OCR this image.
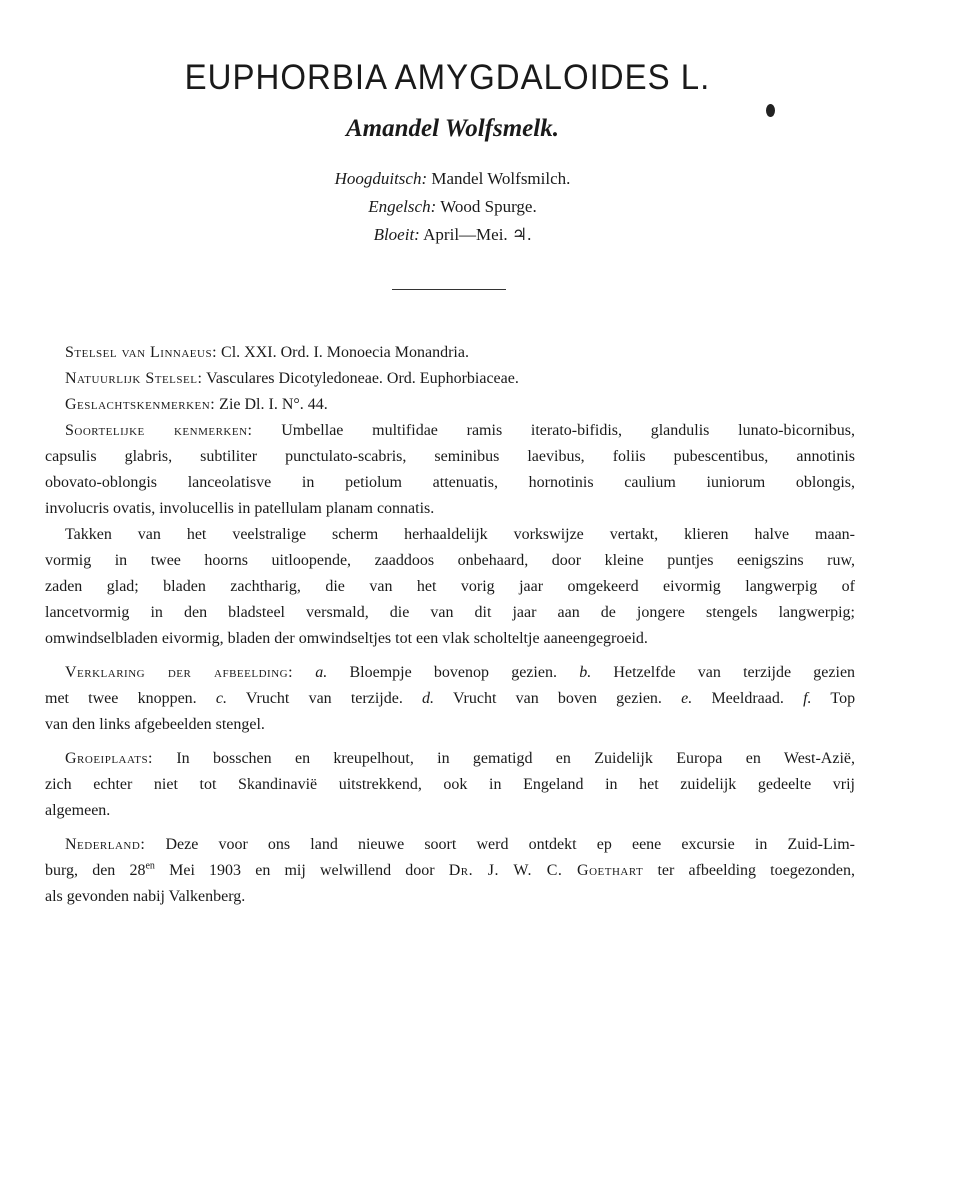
EUPHORBIA AMYGDALOIDES L.
Amandel Wolfsmelk.
Hoogduitsch: Mandel Wolfsmilch.
Engelsch: Wood Spurge.
Bloeit: April—Mei. ♃.
Stelsel van Linnaeus: Cl. XXI. Ord. I. Monoecia Monandria.
Natuurlijk Stelsel: Vasculares Dicotyledoneae. Ord. Euphorbiaceae.
Geslachtskenmerken: Zie Dl. I. N°. 44.
Soortelijke kenmerken: Umbellae multifidae ramis iterato-bifidis, glandulis lunato-bicornibus,
capsulis glabris, subtiliter punctulato-scabris, seminibus laevibus, foliis pubescentibus, annotinis
obovato-oblongis lanceolatisve in petiolum attenuatis, hornotinis caulium iuniorum oblongis,
involucris ovatis, involucellis in patellulam planam connatis.
Takken van het veelstralige scherm herhaaldelijk vorkswijze vertakt, klieren halve maan-
vormig in twee hoorns uitloopende, zaaddoos onbehaard, door kleine puntjes eenigszins ruw,
zaden glad; bladen zachtharig, die van het vorig jaar omgekeerd eivormig langwerpig of
lancetvormig in den bladsteel versmald, die van dit jaar aan de jongere stengels langwerpig;
omwindselbladen eivormig, bladen der omwindseltjes tot een vlak scholteltje aaneengegroeid.
Verklaring der afbeelding: a. Bloempje bovenop gezien. b. Hetzelfde van terzijde gezien
met twee knoppen. c. Vrucht van terzijde. d. Vrucht van boven gezien. e. Meeldraad. f. Top
van den links afgebeelden stengel.
Groeiplaats: In bosschen en kreupelhout, in gematigd en Zuidelijk Europa en West-Azië,
zich echter niet tot Skandinavië uitstrekkend, ook in Engeland in het zuidelijk gedeelte vrij
algemeen.
Nederland: Deze voor ons land nieuwe soort werd ontdekt ep eene excursie in Zuid-Lim-
burg, den $28^{en}$ Mei 1903 en mij welwillend door Dr. J. W. C. Goethart ter afbeelding toegezonden,
als gevonden nabij Valkenberg.
